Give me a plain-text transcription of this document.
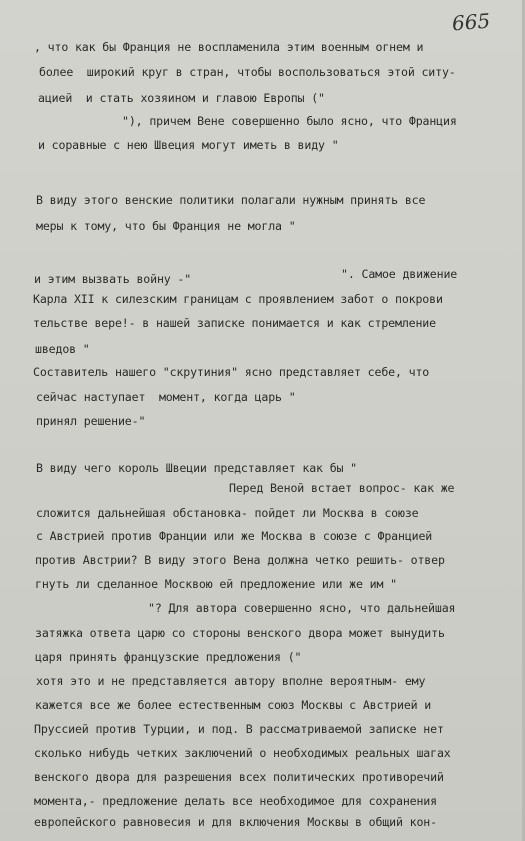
665
, что как бы Франция не воспламенила этим военным огнем и
более  широкий круг в стран, чтобы воспользоваться этой ситу-
ацией  и стать хозяином и главою Европы ("
"), причем Вене совершенно было ясно, что Франция
и соравные с нею Швеция могут иметь в виду "
В виду этого венские политики полагали нужным принять все
меры к тому, что бы Франция не могла "
и этим вызвать войну -"	". Самое движение
Карла XII к силезским границам с проявлением забот о покрови
тельстве вере!- в нашей записке понимается и как стремление
шведов "
Составитель нашего "скрутиния" ясно представляет себе, что
сейчас наступает  момент, когда царь "
принял решение-"
В виду чего король Швеции представляет как бы "
Перед Веной встает вопрос- как же
сложится дальнейшая обстановка- пойдет ли Москва в союзе
с Австрией против Франции или же Москва в союзе с Францией
против Австрии? В виду этого Вена должна четко решить- отвер
гнуть ли сделанное Москвою ей предложение или же им "
"? Для автора совершенно ясно, что дальнейшая
затяжка ответа царю со стороны венского двора может вынудить
царя принять французские предложения ("
хотя это и не представляется автору вполне вероятным- ему
кажется все же более естественным союз Москвы с Австрией и
Пруссией против Турции, и под. В рассматриваемой записке нет
сколько нибудь четких заключений о необходимых реальных шагах
венского двора для разрешения всех политических противоречий
момента,- предложение делать все необходимое для сохранения
европейского равновесия и для включения Москвы в общий кон-
